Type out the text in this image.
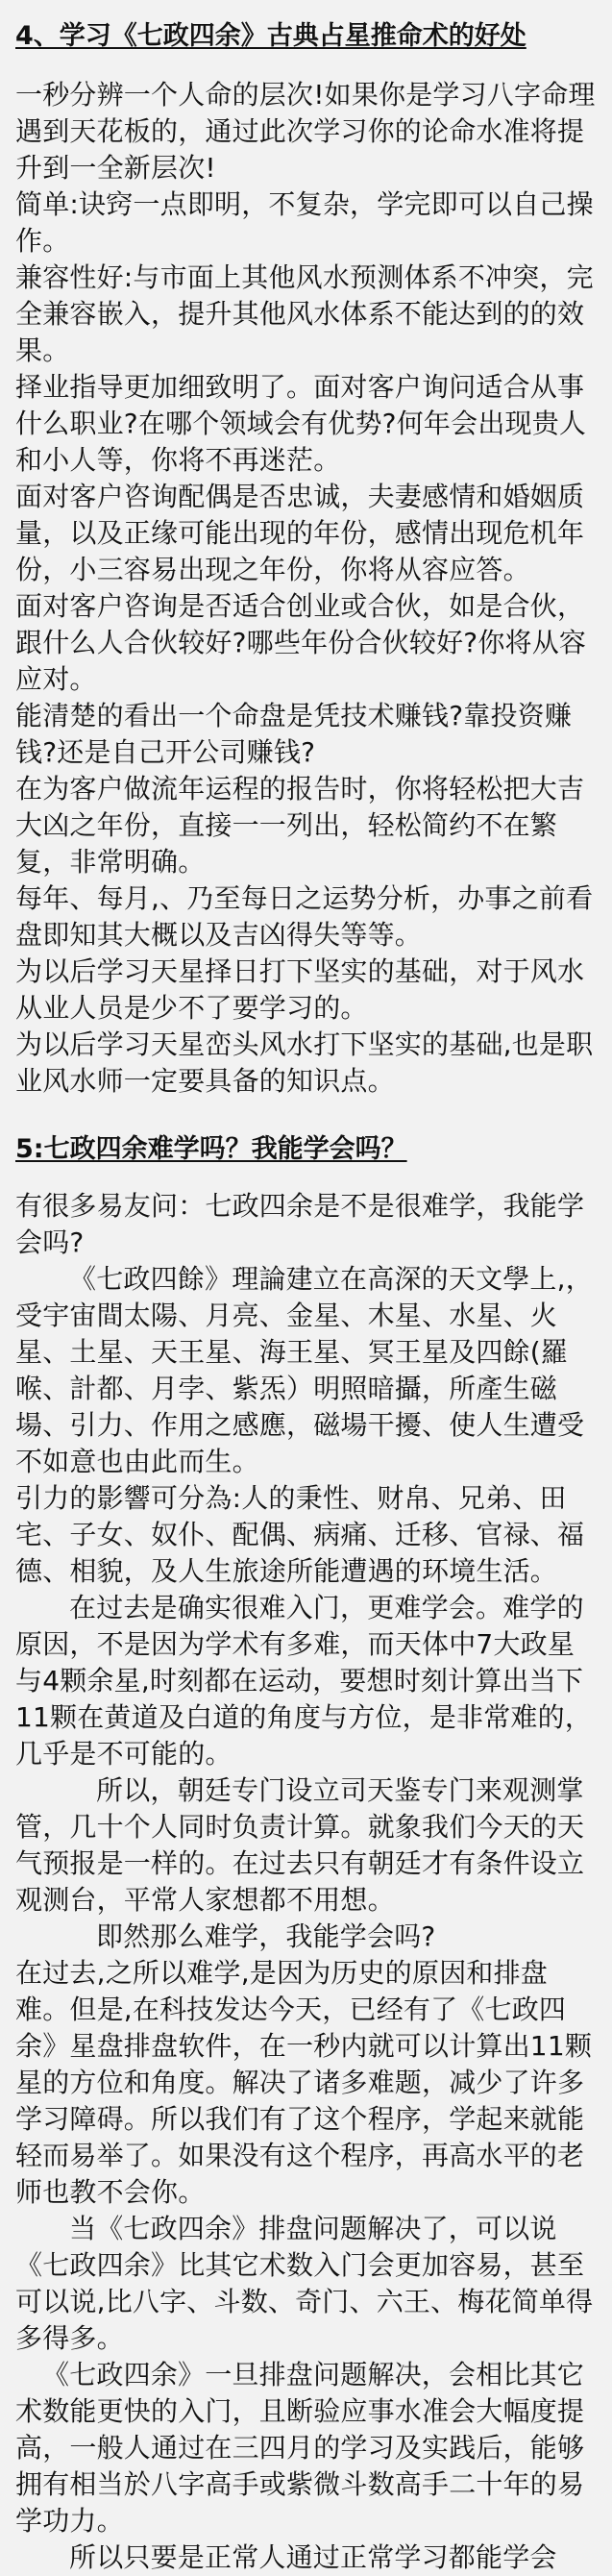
4、学习《七政四余》古典占星推命术的好处

一秒分辨一个人命的层次!如果你是学习八字命理遇到天花板的，通过此次学习你的论命水准将提升到一全新层次!

简单:诀窍一点即明，不复杂，学完即可以自己操作。

兼容性好:与市面上其他风水预测体系不冲突，完全兼容嵌入，提升其他风水体系不能达到的的效果。

择业指导更加细致明了。面对客户询问适合从事什么职业?在哪个领域会有优势?何年会出现贵人和小人等，你将不再迷茫。

面对客户咨询配偶是否忠诚，夫妻感情和婚姻质量，以及正缘可能出现的年份，感情出现危机年份，小三容易出现之年份，你将从容应答。

面对客户咨询是否适合创业或合伙，如是合伙，跟什么人合伙较好?哪些年份合伙较好?你将从容应对。

能清楚的看出一个命盘是凭技术赚钱?靠投资赚钱?还是自己开公司赚钱?

在为客户做流年运程的报告时，你将轻松把大吉大凶之年份，直接一一列出，轻松简约不在繁复，非常明确。

每年、每月,、乃至每日之运势分析，办事之前看盘即知其大概以及吉凶得失等等。

为以后学习天星择日打下坚实的基础，对于风水从业人员是少不了要学习的。

为以后学习天星峦头风水打下坚实的基础,也是职业风水师一定要具备的知识点。

5:七政四余难学吗？我能学会吗？

有很多易友问：七政四余是不是很难学，我能学会吗?

《七政四餘》理論建立在高深的天文學上,，受宇宙間太陽、月亮、金星、木星、水星、火星、土星、天王星、海王星、冥王星及四餘(羅喉、計都、月孛、紫炁）明照暗攝，所產生磁場、引力、作用之感應，磁場干擾、使人生遭受不如意也由此而生。

引力的影響可分為:人的秉性、财帛、兄弟、田宅、子女、奴仆、配偶、病痛、迁移、官禄、福德、相貌，及人生旅途所能遭遇的环境生活。

在过去是确实很难入门，更难学会。难学的原因，不是因为学术有多难，而天体中7大政星与4颗余星,时刻都在运动，要想时刻计算出当下11颗在黄道及白道的角度与方位，是非常难的，几乎是不可能的。

所以，朝廷专门设立司天鉴专门来观测掌管，几十个人同时负责计算。就象我们今天的天气预报是一样的。在过去只有朝廷才有条件设立观测台，平常人家想都不用想。

即然那么难学，我能学会吗?

在过去,之所以难学,是因为历史的原因和排盘难。但是,在科技发达今天，已经有了《七政四余》星盘排盘软件，在一秒内就可以计算出11颗星的方位和角度。解决了诸多难题，减少了许多学习障碍。所以我们有了这个程序，学起来就能轻而易举了。如果没有这个程序，再高水平的老师也教不会你。

当《七政四余》排盘问题解决了，可以说《七政四余》比其它术数入门会更加容易，甚至可以说,比八字、斗数、奇门、六王、梅花简单得多得多。

《七政四余》一旦排盘问题解决，会相比其它术数能更快的入门，且断验应事水准会大幅度提高，一般人通过在三四月的学习及实践后，能够拥有相当於八字高手或紫微斗数高手二十年的易学功力。

所以只要是正常人通过正常学习都能学会
